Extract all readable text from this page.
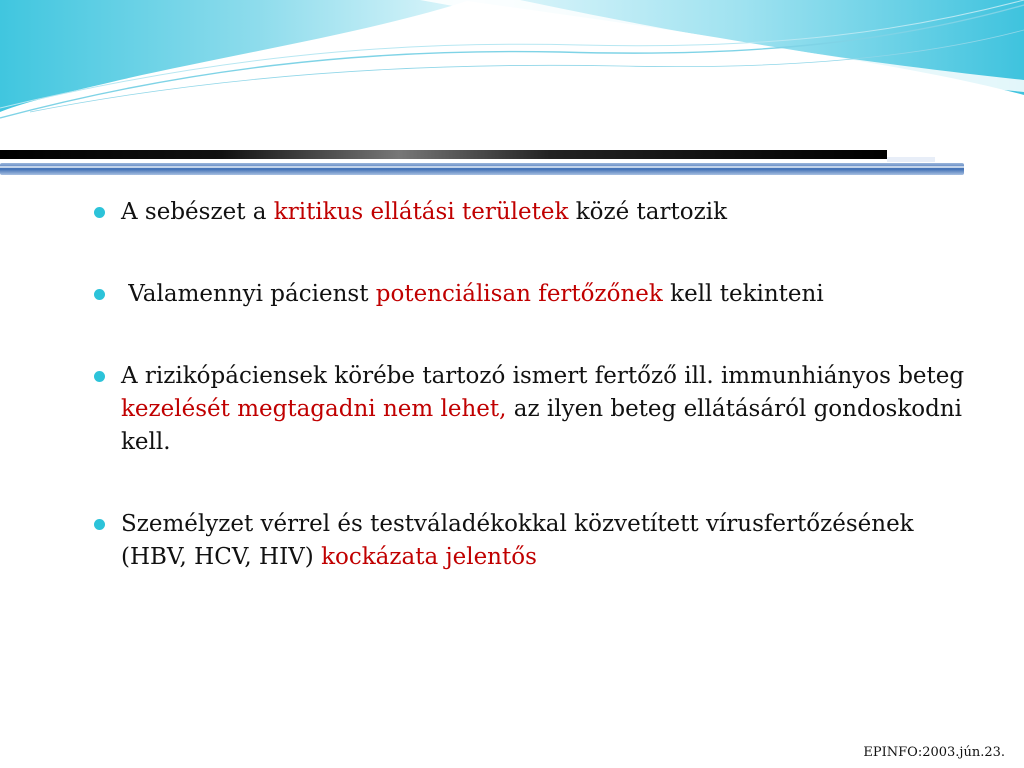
A sebészet a kritikus ellátási területek közé tartozik
Valamennyi pácienst potenciálisan fertőzőnek kell tekinteni
A rizikópáciensek körébe tartozó ismert fertőző ill. immunhiányos beteg kezelését megtagadni nem lehet, az ilyen beteg ellátásáról gondoskodni kell.
Személyzet vérrel és testváladékokkal közvetített vírusfertőzésének (HBV, HCV, HIV) kockázata jelentős
EPINFO:2003.jún.23.
